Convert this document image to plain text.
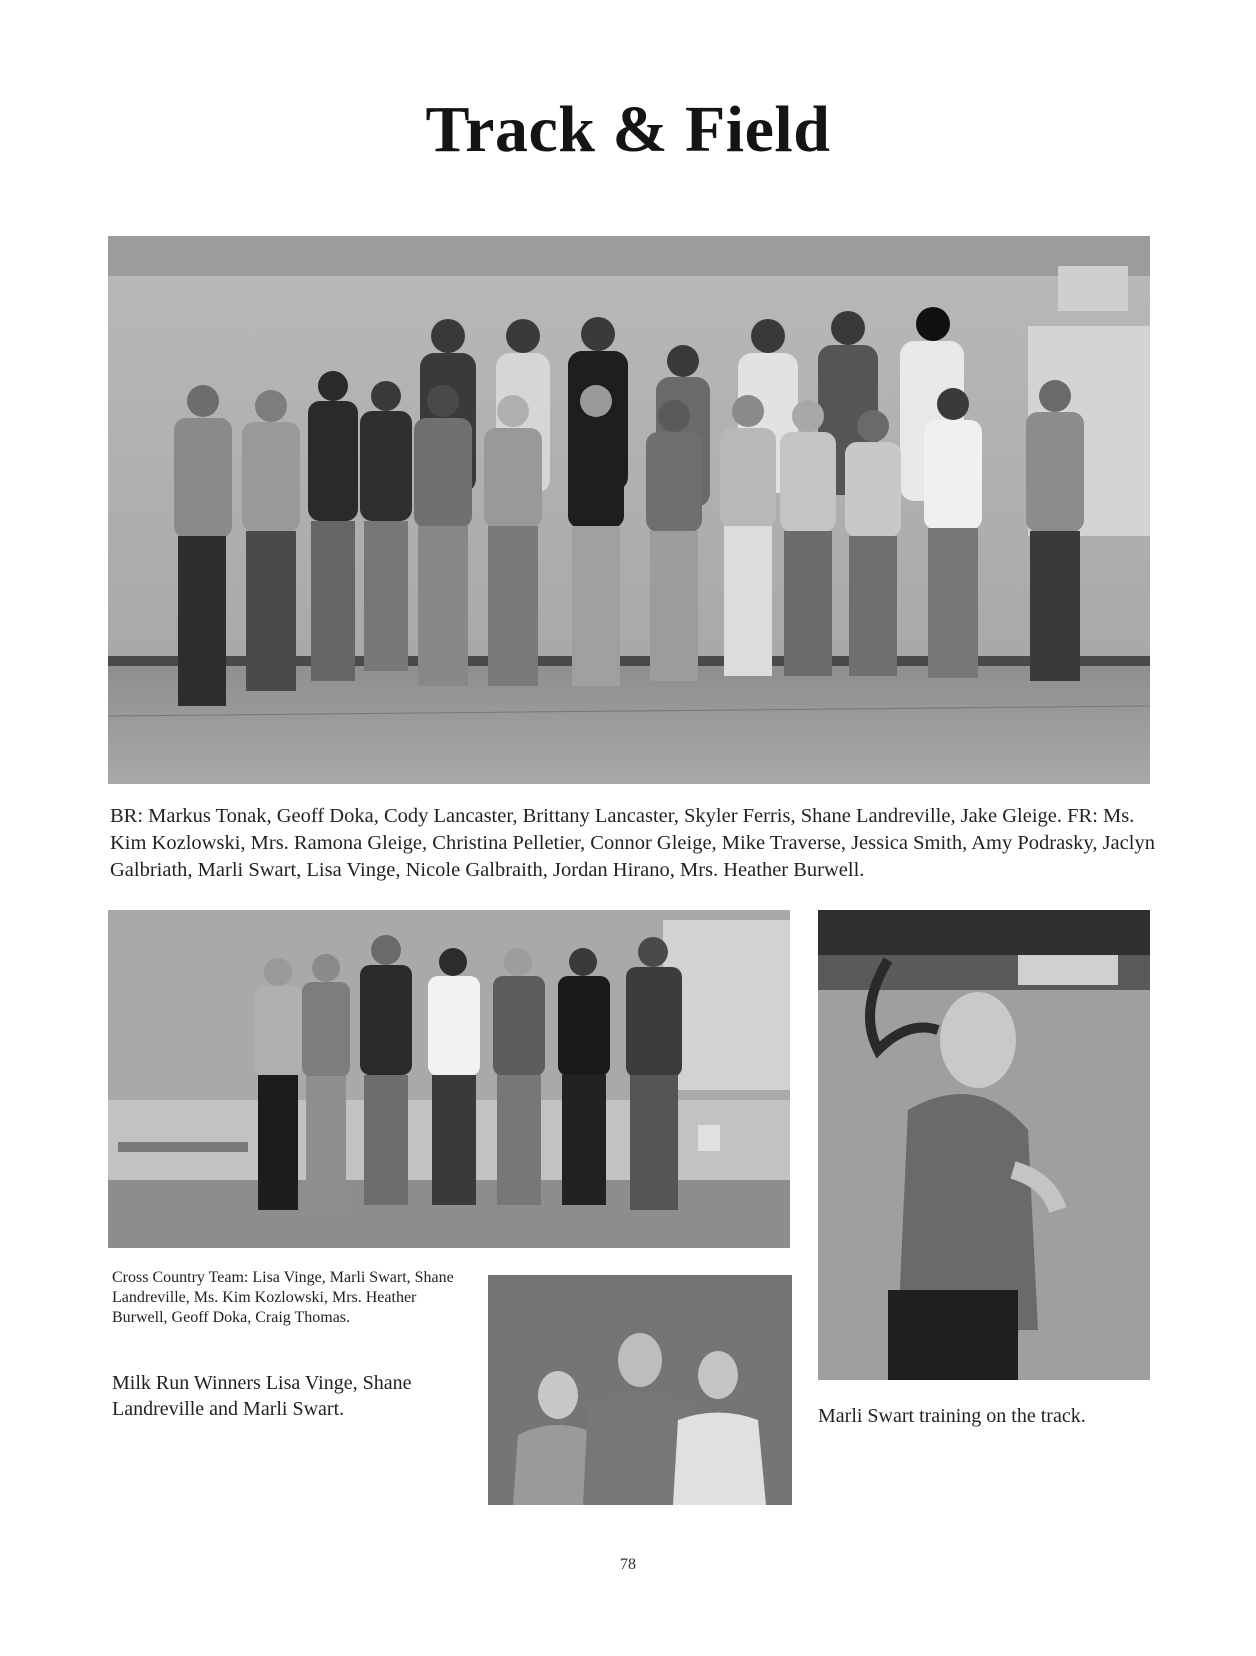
Track & Field
BR: Markus Tonak, Geoff Doka, Cody Lancaster, Brittany Lancaster, Skyler Ferris, Shane Landreville, Jake Gleige. FR: Ms. Kim Kozlowski, Mrs. Ramona Gleige, Christina Pelletier, Connor Gleige, Mike Traverse, Jessica Smith, Amy Podrasky, Jaclyn Galbriath, Marli Swart, Lisa Vinge, Nicole Galbraith, Jordan Hirano, Mrs. Heather Burwell.
Cross Country Team: Lisa Vinge, Marli Swart, Shane Landreville, Ms. Kim Kozlowski, Mrs. Heather Burwell, Geoff Doka, Craig Thomas.
Milk Run Winners Lisa Vinge, Shane Landreville and Marli Swart.	Marli Swart training on the track.
78
